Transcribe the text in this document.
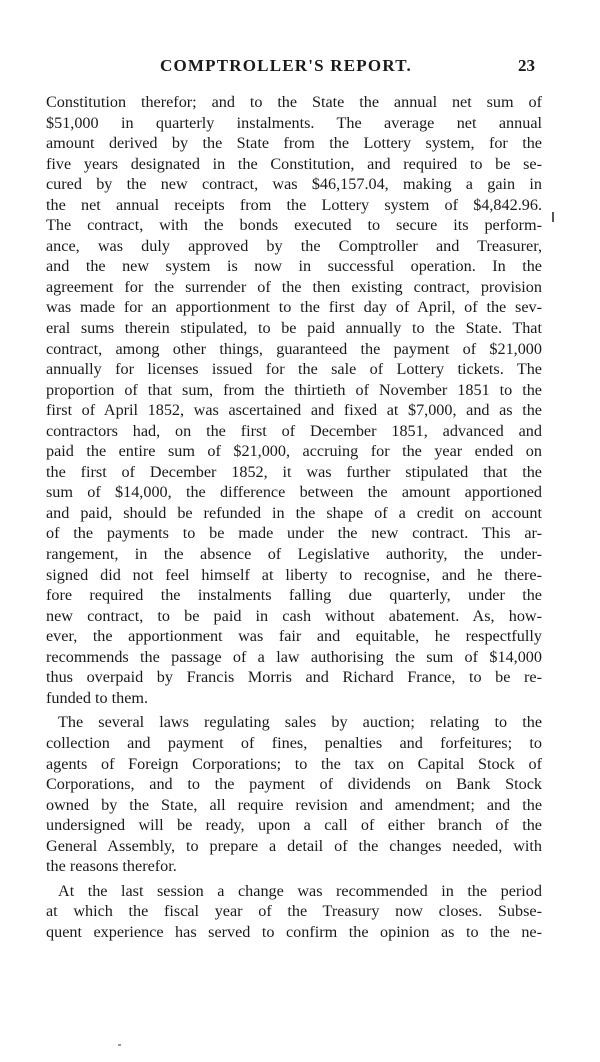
COMPTROLLER'S REPORT.	23
Constitution therefor; and to the State the annual net sum of
$51,000 in quarterly instalments. The average net annual
amount derived by the State from the Lottery system, for the
five years designated in the Constitution, and required to be se-
cured by the new contract, was $46,157.04, making a gain in
the net annual receipts from the Lottery system of $4,842.96.
The contract, with the bonds executed to secure its perform-
ance, was duly approved by the Comptroller and Treasurer,
and the new system is now in successful operation. In the
agreement for the surrender of the then existing contract, provision
was made for an apportionment to the first day of April, of the sev-
eral sums therein stipulated, to be paid annually to the State. That
contract, among other things, guaranteed the payment of $21,000
annually for licenses issued for the sale of Lottery tickets. The
proportion of that sum, from the thirtieth of November 1851 to the
first of April 1852, was ascertained and fixed at $7,000, and as the
contractors had, on the first of December 1851, advanced and
paid the entire sum of $21,000, accruing for the year ended on
the first of December 1852, it was further stipulated that the
sum of $14,000, the difference between the amount apportioned
and paid, should be refunded in the shape of a credit on account
of the payments to be made under the new contract. This ar-
rangement, in the absence of Legislative authority, the under-
signed did not feel himself at liberty to recognise, and he there-
fore required the instalments falling due quarterly, under the
new contract, to be paid in cash without abatement. As, how-
ever, the apportionment was fair and equitable, he respectfully
recommends the passage of a law authorising the sum of $14,000
thus overpaid by Francis Morris and Richard France, to be re-
funded to them.
The several laws regulating sales by auction; relating to the
collection and payment of fines, penalties and forfeitures; to
agents of Foreign Corporations; to the tax on Capital Stock of
Corporations, and to the payment of dividends on Bank Stock
owned by the State, all require revision and amendment; and the
undersigned will be ready, upon a call of either branch of the
General Assembly, to prepare a detail of the changes needed, with
the reasons therefor.
At the last session a change was recommended in the period
at which the fiscal year of the Treasury now closes. Subse-
quent experience has served to confirm the opinion as to the ne-
